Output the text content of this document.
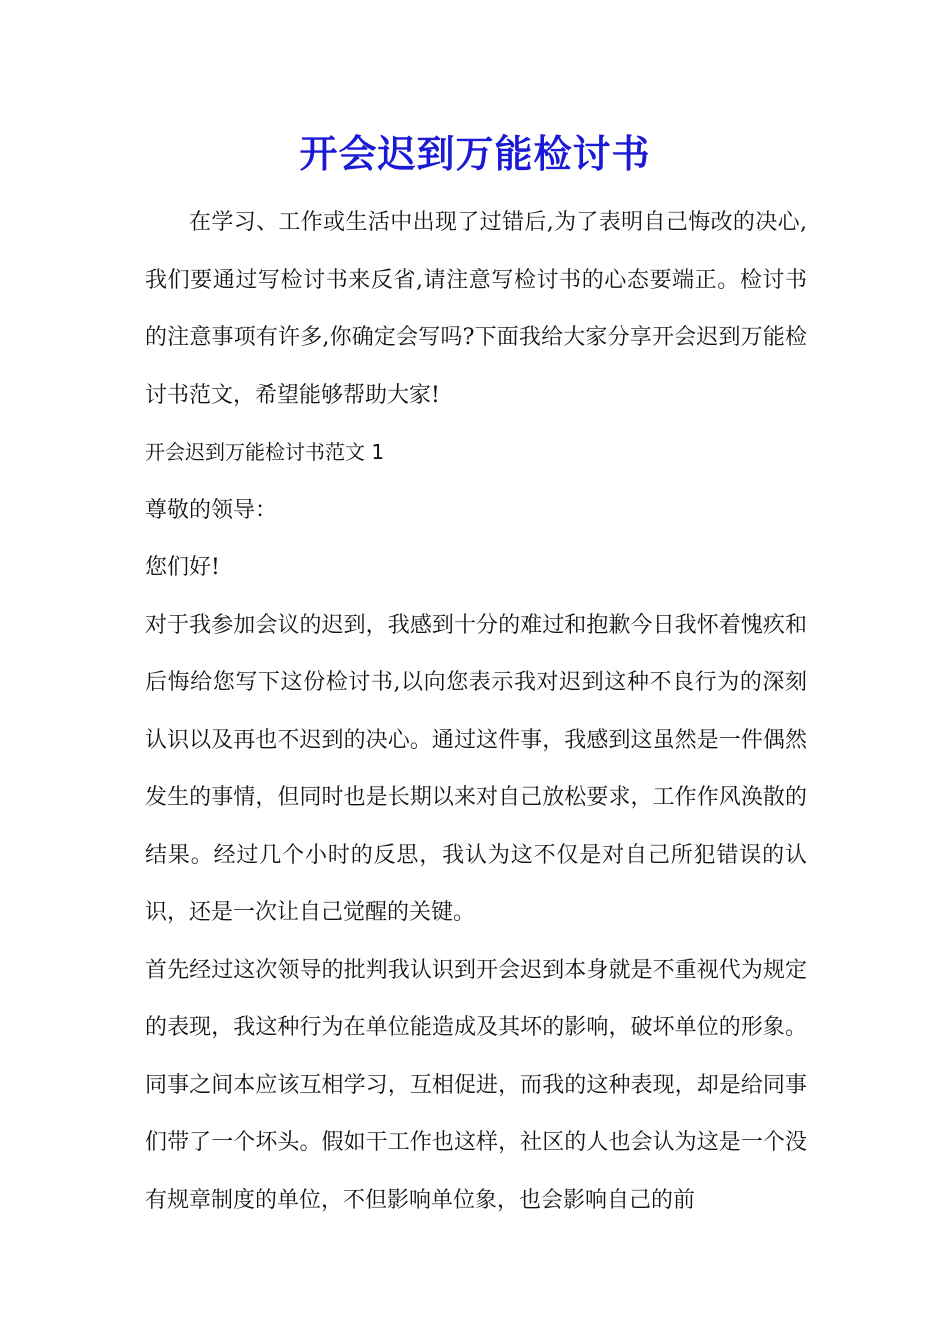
开会迟到万能检讨书

在学习、工作或生活中出现了过错后,为了表明自己悔改的决心,我们要通过写检讨书来反省,请注意写检讨书的心态要端正。检讨书的注意事项有许多,你确定会写吗?下面我给大家分享开会迟到万能检讨书范文，希望能够帮助大家!

开会迟到万能检讨书范文 1

尊敬的领导：

您们好!

对于我参加会议的迟到，我感到十分的难过和抱歉今日我怀着愧疚和后悔给您写下这份检讨书,以向您表示我对迟到这种不良行为的深刻认识以及再也不迟到的决心。通过这件事，我感到这虽然是一件偶然发生的事情，但同时也是长期以来对自己放松要求，工作作风涣散的结果。经过几个小时的反思，我认为这不仅是对自己所犯错误的认识，还是一次让自己觉醒的关键。

首先经过这次领导的批判我认识到开会迟到本身就是不重视代为规定的表现，我这种行为在单位能造成及其坏的影响，破坏单位的形象。同事之间本应该互相学习，互相促进，而我的这种表现，却是给同事们带了一个坏头。假如干工作也这样，社区的人也会认为这是一个没有规章制度的单位，不但影响单位象，也会影响自己的前
